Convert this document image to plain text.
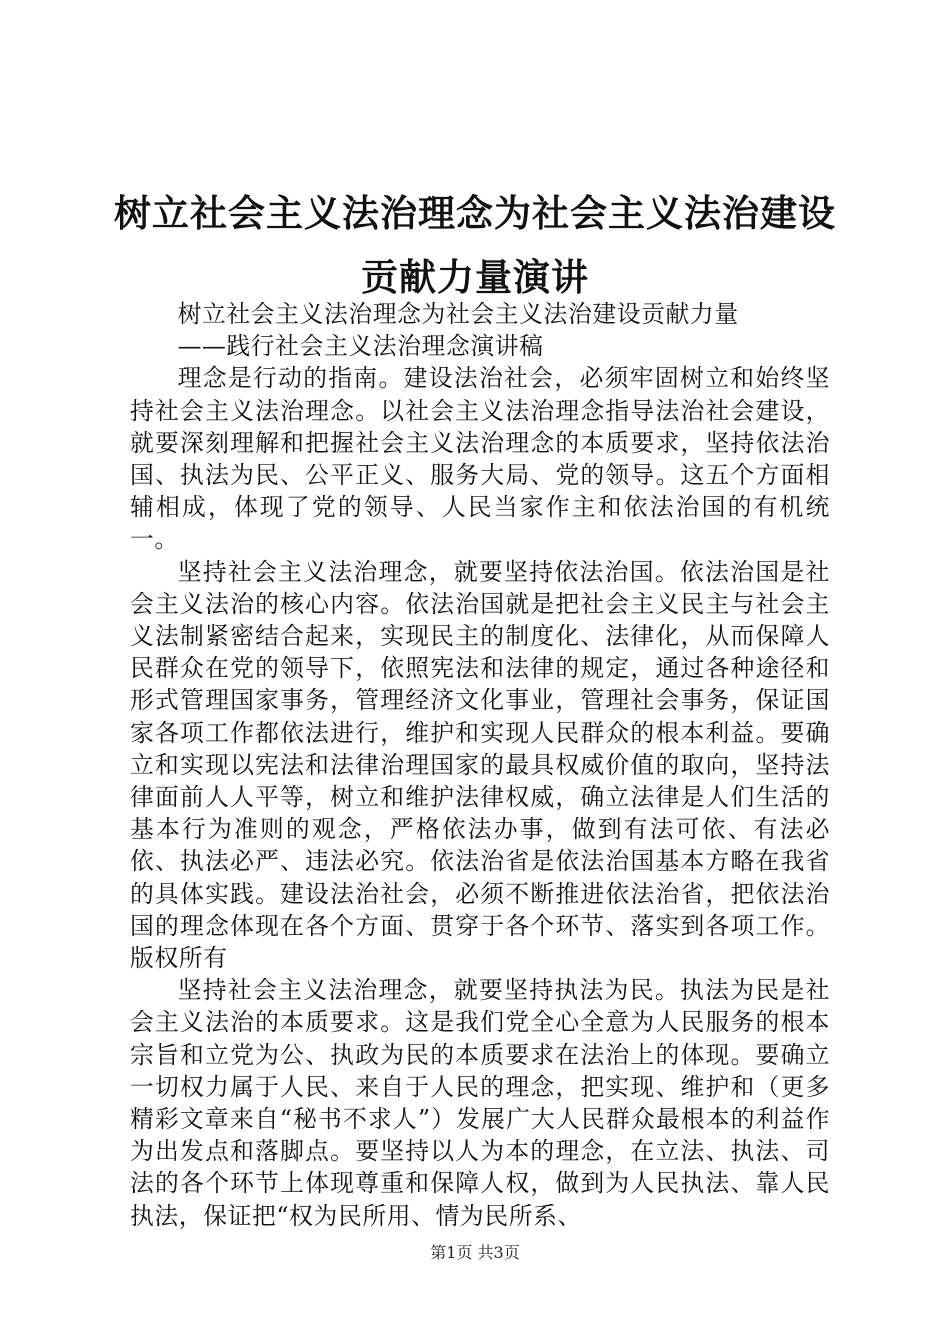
树立社会主义法治理念为社会主义法治建设贡献力量演讲

树立社会主义法治理念为社会主义法治建设贡献力量

——践行社会主义法治理念演讲稿

理念是行动的指南。建设法治社会，必须牢固树立和始终坚持社会主义法治理念。以社会主义法治理念指导法治社会建设，就要深刻理解和把握社会主义法治理念的本质要求，坚持依法治国、执法为民、公平正义、服务大局、党的领导。这五个方面相辅相成，体现了党的领导、人民当家作主和依法治国的有机统一。

坚持社会主义法治理念，就要坚持依法治国。依法治国是社会主义法治的核心内容。依法治国就是把社会主义民主与社会主义法制紧密结合起来，实现民主的制度化、法律化，从而保障人民群众在党的领导下，依照宪法和法律的规定，通过各种途径和形式管理国家事务，管理经济文化事业，管理社会事务，保证国家各项工作都依法进行，维护和实现人民群众的根本利益。要确立和实现以宪法和法律治理国家的最具权威价值的取向，坚持法律面前人人平等，树立和维护法律权威，确立法律是人们生活的基本行为准则的观念，严格依法办事，做到有法可依、有法必依、执法必严、违法必究。依法治省是依法治国基本方略在我省的具体实践。建设法治社会，必须不断推进依法治省，把依法治国的理念体现在各个方面、贯穿于各个环节、落实到各项工作。版权所有

坚持社会主义法治理念，就要坚持执法为民。执法为民是社会主义法治的本质要求。这是我们党全心全意为人民服务的根本宗旨和立党为公、执政为民的本质要求在法治上的体现。要确立一切权力属于人民、来自于人民的理念，把实现、维护和（更多精彩文章来自“秘书不求人”）发展广大人民群众最根本的利益作为出发点和落脚点。要坚持以人为本的理念，在立法、执法、司法的各个环节上体现尊重和保障人权，做到为人民执法、靠人民执法，保证把“权为民所用、情为民所系、

第1页 共3页
